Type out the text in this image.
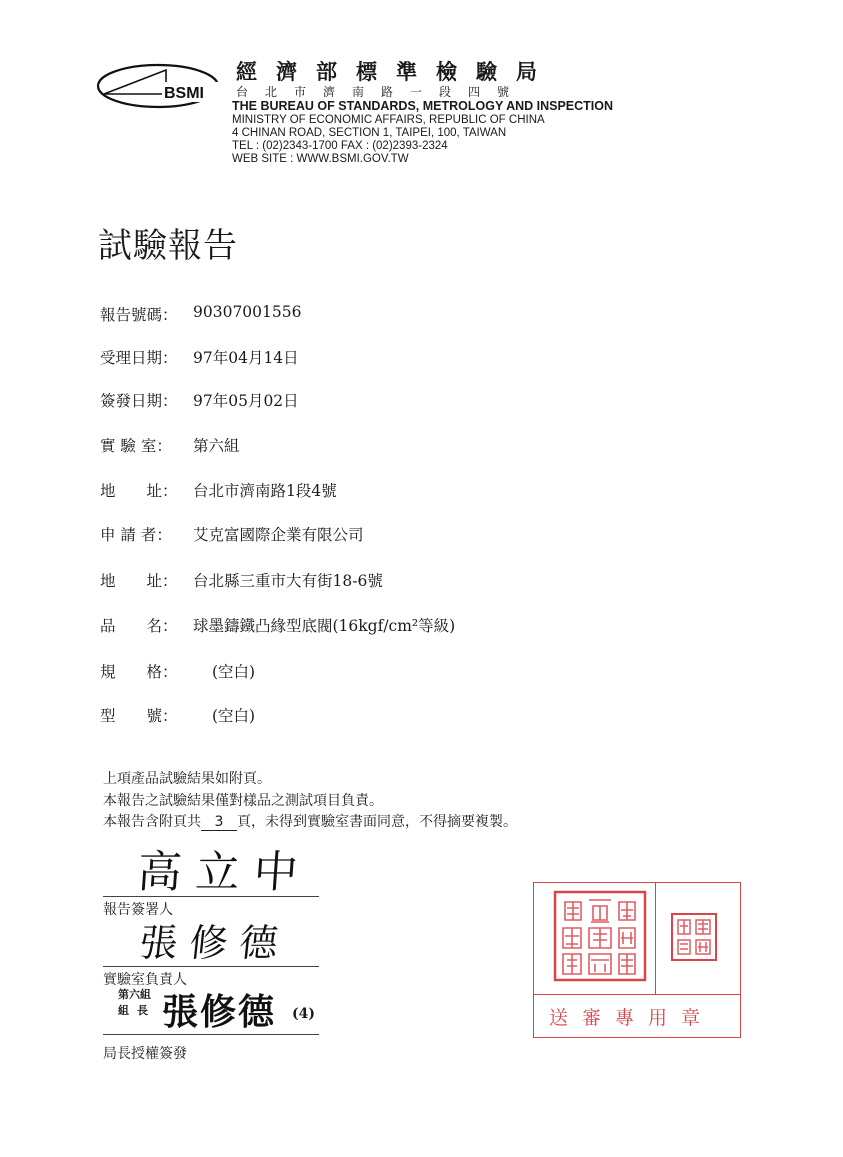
BSMI
經濟部標準檢驗局
台北市濟南路一段四號
THE BUREAU OF STANDARDS, METROLOGY AND INSPECTION
MINISTRY OF ECONOMIC AFFAIRS, REPUBLIC OF CHINA
4 CHINAN ROAD, SECTION 1, TAIPEI, 100, TAIWAN
TEL : (02)2343-1700 FAX : (02)2393-2324
WEB SITE : WWW.BSMI.GOV.TW
試驗報告
報告號碼： 90307001556
受理日期： 97年04月14日
簽發日期： 97年05月02日
實 驗 室： 第六組
地　　址： 台北市濟南路1段4號
申 請 者： 艾克富國際企業有限公司
地　　址： 台北縣三重市大有街18-6號
品　　名： 球墨鑄鐵凸緣型底閥(16kgf/cm²等級)
規　　格： (空白)
型　　號： (空白)
上項產品試驗結果如附頁。
本報告之試驗結果僅對樣品之測試項目負責。
本報告含附頁共 3 頁，未得到實驗室書面同意，不得摘要複製。
高立中
報告簽署人
張修德
實驗室負責人
第六組
組長 張修德 (4)
局長授權簽發
送審專用章
